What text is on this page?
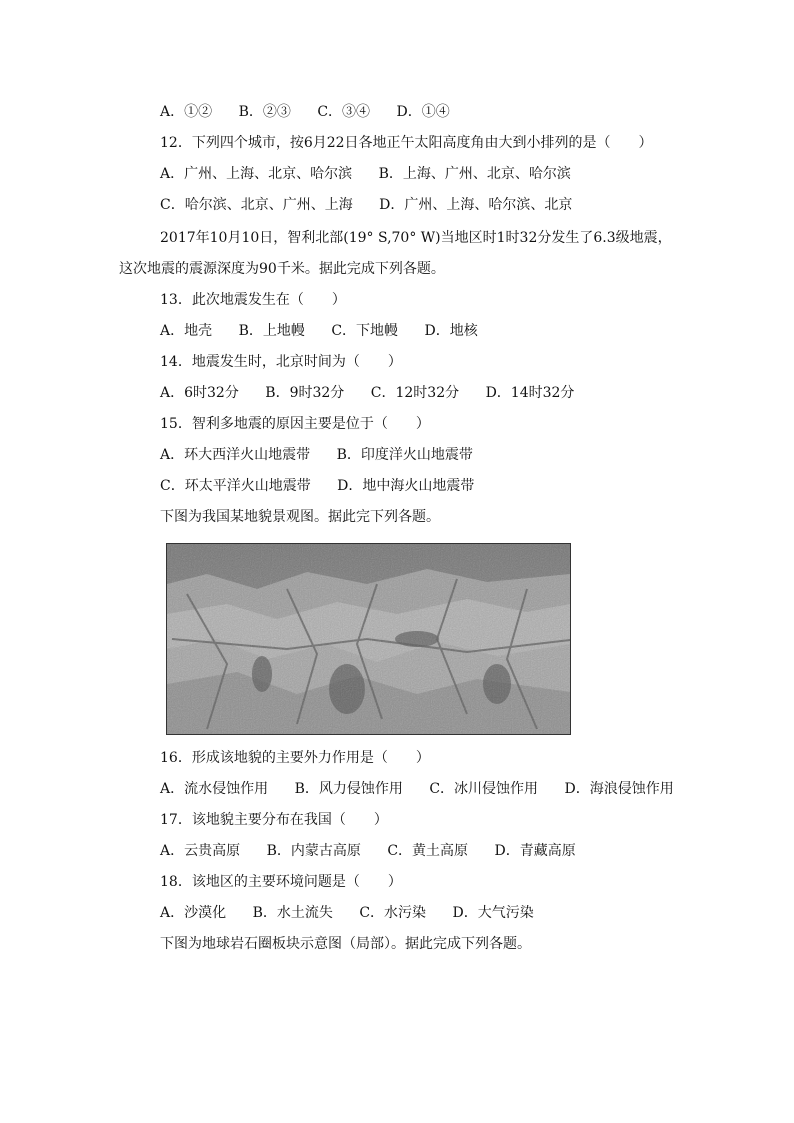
A．①② B．②③ C．③④ D．①④
12．下列四个城市，按6月22日各地正午太阳高度角由大到小排列的是（　　）
A．广州、上海、北京、哈尔滨 B．上海、广州、北京、哈尔滨
C．哈尔滨、北京、广州、上海 D．广州、上海、哈尔滨、北京
2017年10月10日，智利北部(19° S,70° W)当地区时1时32分发生了6.3级地震，
这次地震的震源深度为90千米。据此完成下列各题。
13．此次地震发生在（　　）
A．地壳 B．上地幔 C．下地幔 D．地核
14．地震发生时，北京时间为（　　）
A．6时32分 B．9时32分 C．12时32分 D．14时32分
15．智利多地震的原因主要是位于（　　）
A．环大西洋火山地震带 B．印度洋火山地震带
C．环太平洋火山地震带 D．地中海火山地震带
下图为我国某地貌景观图。据此完下列各题。
16．形成该地貌的主要外力作用是（　　）
A．流水侵蚀作用 B．风力侵蚀作用 C．冰川侵蚀作用 D．海浪侵蚀作用
17．该地貌主要分布在我国（　　）
A．云贵高原 B．内蒙古高原 C．黄土高原 D．青藏高原
18．该地区的主要环境问题是（　　）
A．沙漠化 B．水土流失 C．水污染 D．大气污染
下图为地球岩石圈板块示意图（局部）。据此完成下列各题。
